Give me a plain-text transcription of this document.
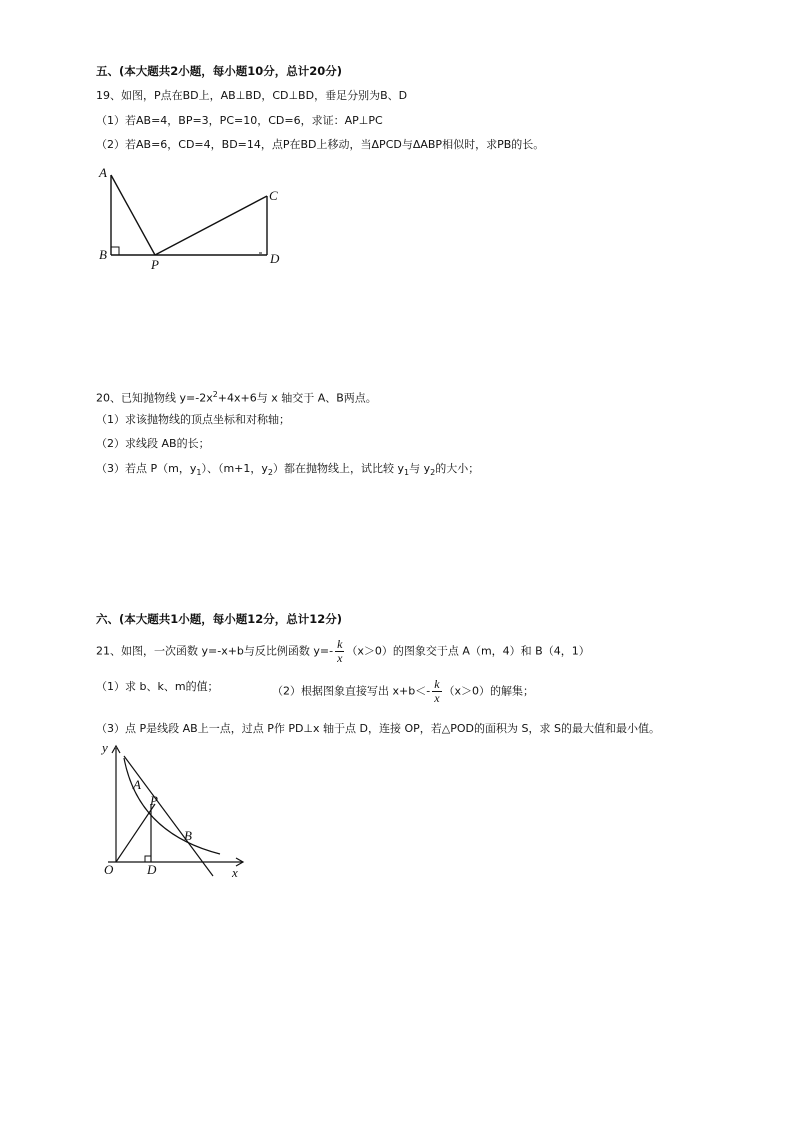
五、(本大题共2小题，每小题10分，总计20分)
19、如图，P点在BD上，AB⊥BD，CD⊥BD，垂足分别为B、D
（1）若AB=4，BP=3，PC=10，CD=6，求证：AP⊥PC
（2）若AB=6，CD=4，BD=14，点P在BD上移动，当ΔPCD与ΔABP相似时，求PB的长。
A
B
P
C
D
20、已知抛物线 $y=-2x^2+4x+6$与 x 轴交于 A、B两点。
（1）求该抛物线的顶点坐标和对称轴；
（2）求线段 AB的长；
（3）若点 P（m，$y_1$）、（m+1，$y_2$）都在抛物线上，试比较 $y_1$与 $y_2$的大小；
六、(本大题共1小题，每小题12分，总计12分)
21、如图，一次函数 y=-x+b与反比例函数 $y=- \frac{k}{x} (x>0)$的图象交于点 A（m，4）和 B（4，1）
（1）求 b、k、m的值；	（2）根据图象直接写出 $x+b<- \frac{k}{x} (x>0)$的解集；
（3）点 P是线段 AB上一点，过点 P作 PD⊥x 轴于点 D，连接 OP，若△POD的面积为 S，求 S的最大值和最小值。
y
x
O
A
P
B
D
